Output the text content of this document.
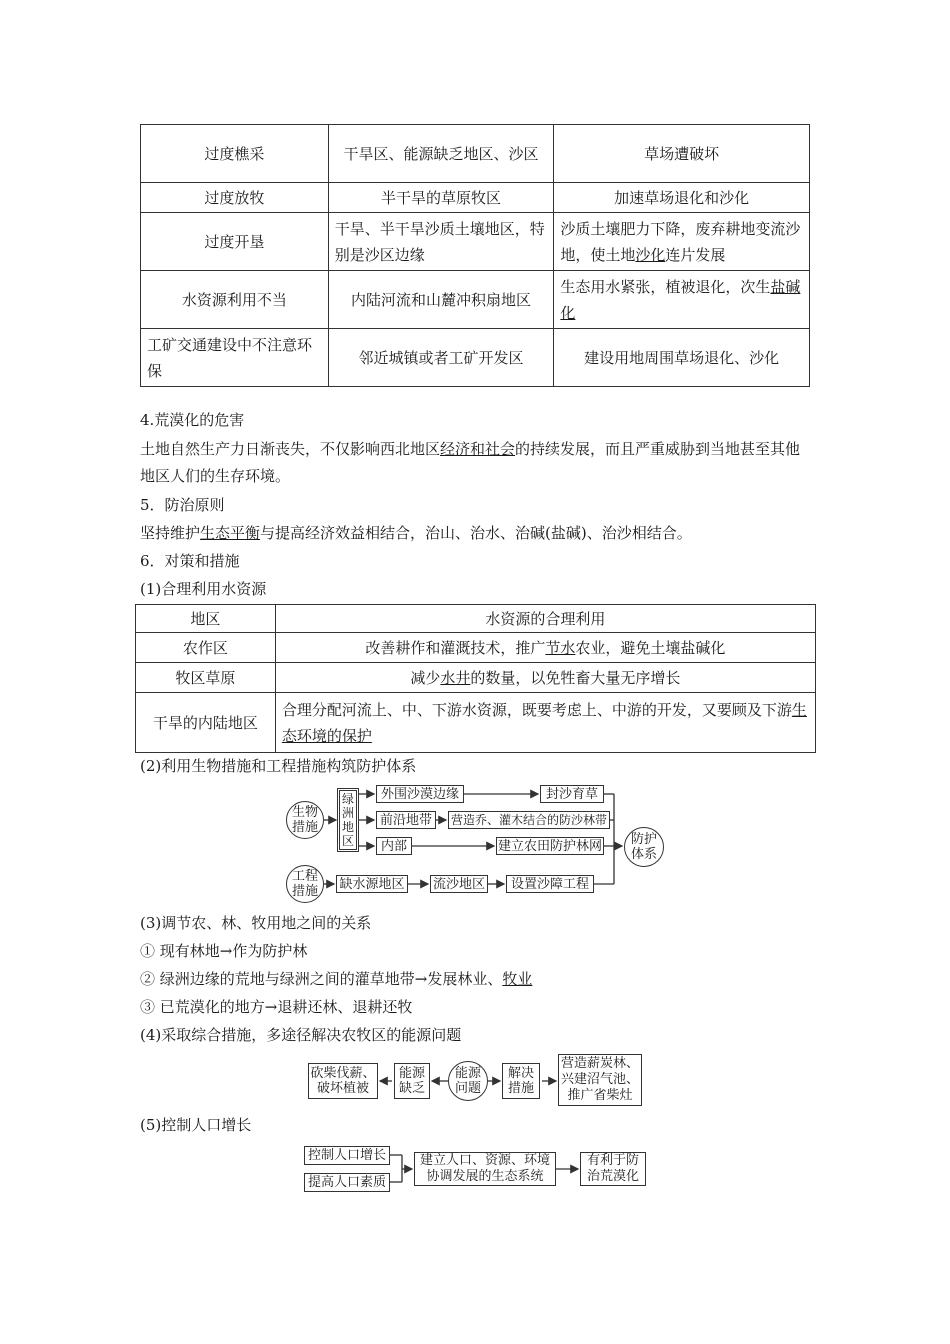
过度樵采	干旱区、能源缺乏地区、沙区	草场遭破坏
过度放牧	半干旱的草原牧区	加速草场退化和沙化
过度开垦	干旱、半干旱沙质土壤地区，特别是沙区边缘	沙质土壤肥力下降，废弃耕地变流沙地，使土地沙化连片发展
水资源利用不当	内陆河流和山麓冲积扇地区	生态用水紧张，植被退化，次生盐碱化
工矿交通建设中不注意环保	邻近城镇或者工矿开发区	建设用地周围草场退化、沙化
4.荒漠化的危害
土地自然生产力日渐丧失，不仅影响西北地区经济和社会的持续发展，而且严重威胁到当地甚至其他地区人们的生存环境。
5．防治原则
坚持维护生态平衡与提高经济效益相结合，治山、治水、治碱(盐碱)、治沙相结合。
6．对策和措施
(1)合理利用水资源
地区	水资源的合理利用
农作区	改善耕作和灌溉技术，推广节水农业，避免土壤盐碱化
牧区草原	减少水井的数量，以免牲畜大量无序增长
干旱的内陆地区	合理分配河流上、中、下游水资源，既要考虑上、中游的开发，又要顾及下游生态环境的保护
(2)利用生物措施和工程措施构筑防护体系
生物措施
绿洲地区
外围沙漠边缘
前沿地带
内部
封沙育草
营造乔、灌木结合的防沙林带
建立农田防护林网	防护体系
工程措施	缺水源地区 流沙地区	设置沙障工程
(3)调节农、林、牧用地之间的关系
① 现有林地→作为防护林
② 绿洲边缘的荒地与绿洲之间的灌草地带→发展林业、牧业
③ 已荒漠化的地方→退耕还林、退耕还牧
(4)采取综合措施，多途径解决农牧区的能源问题
砍柴伐薪、破坏植被
能源缺乏
能源问题
解决措施
营造薪炭林、兴建沼气池、推广省柴灶
(5)控制人口增长
控制人口增长
提高人口素质
建立人口、资源、环境协调发展的生态系统
有利于防治荒漠化
